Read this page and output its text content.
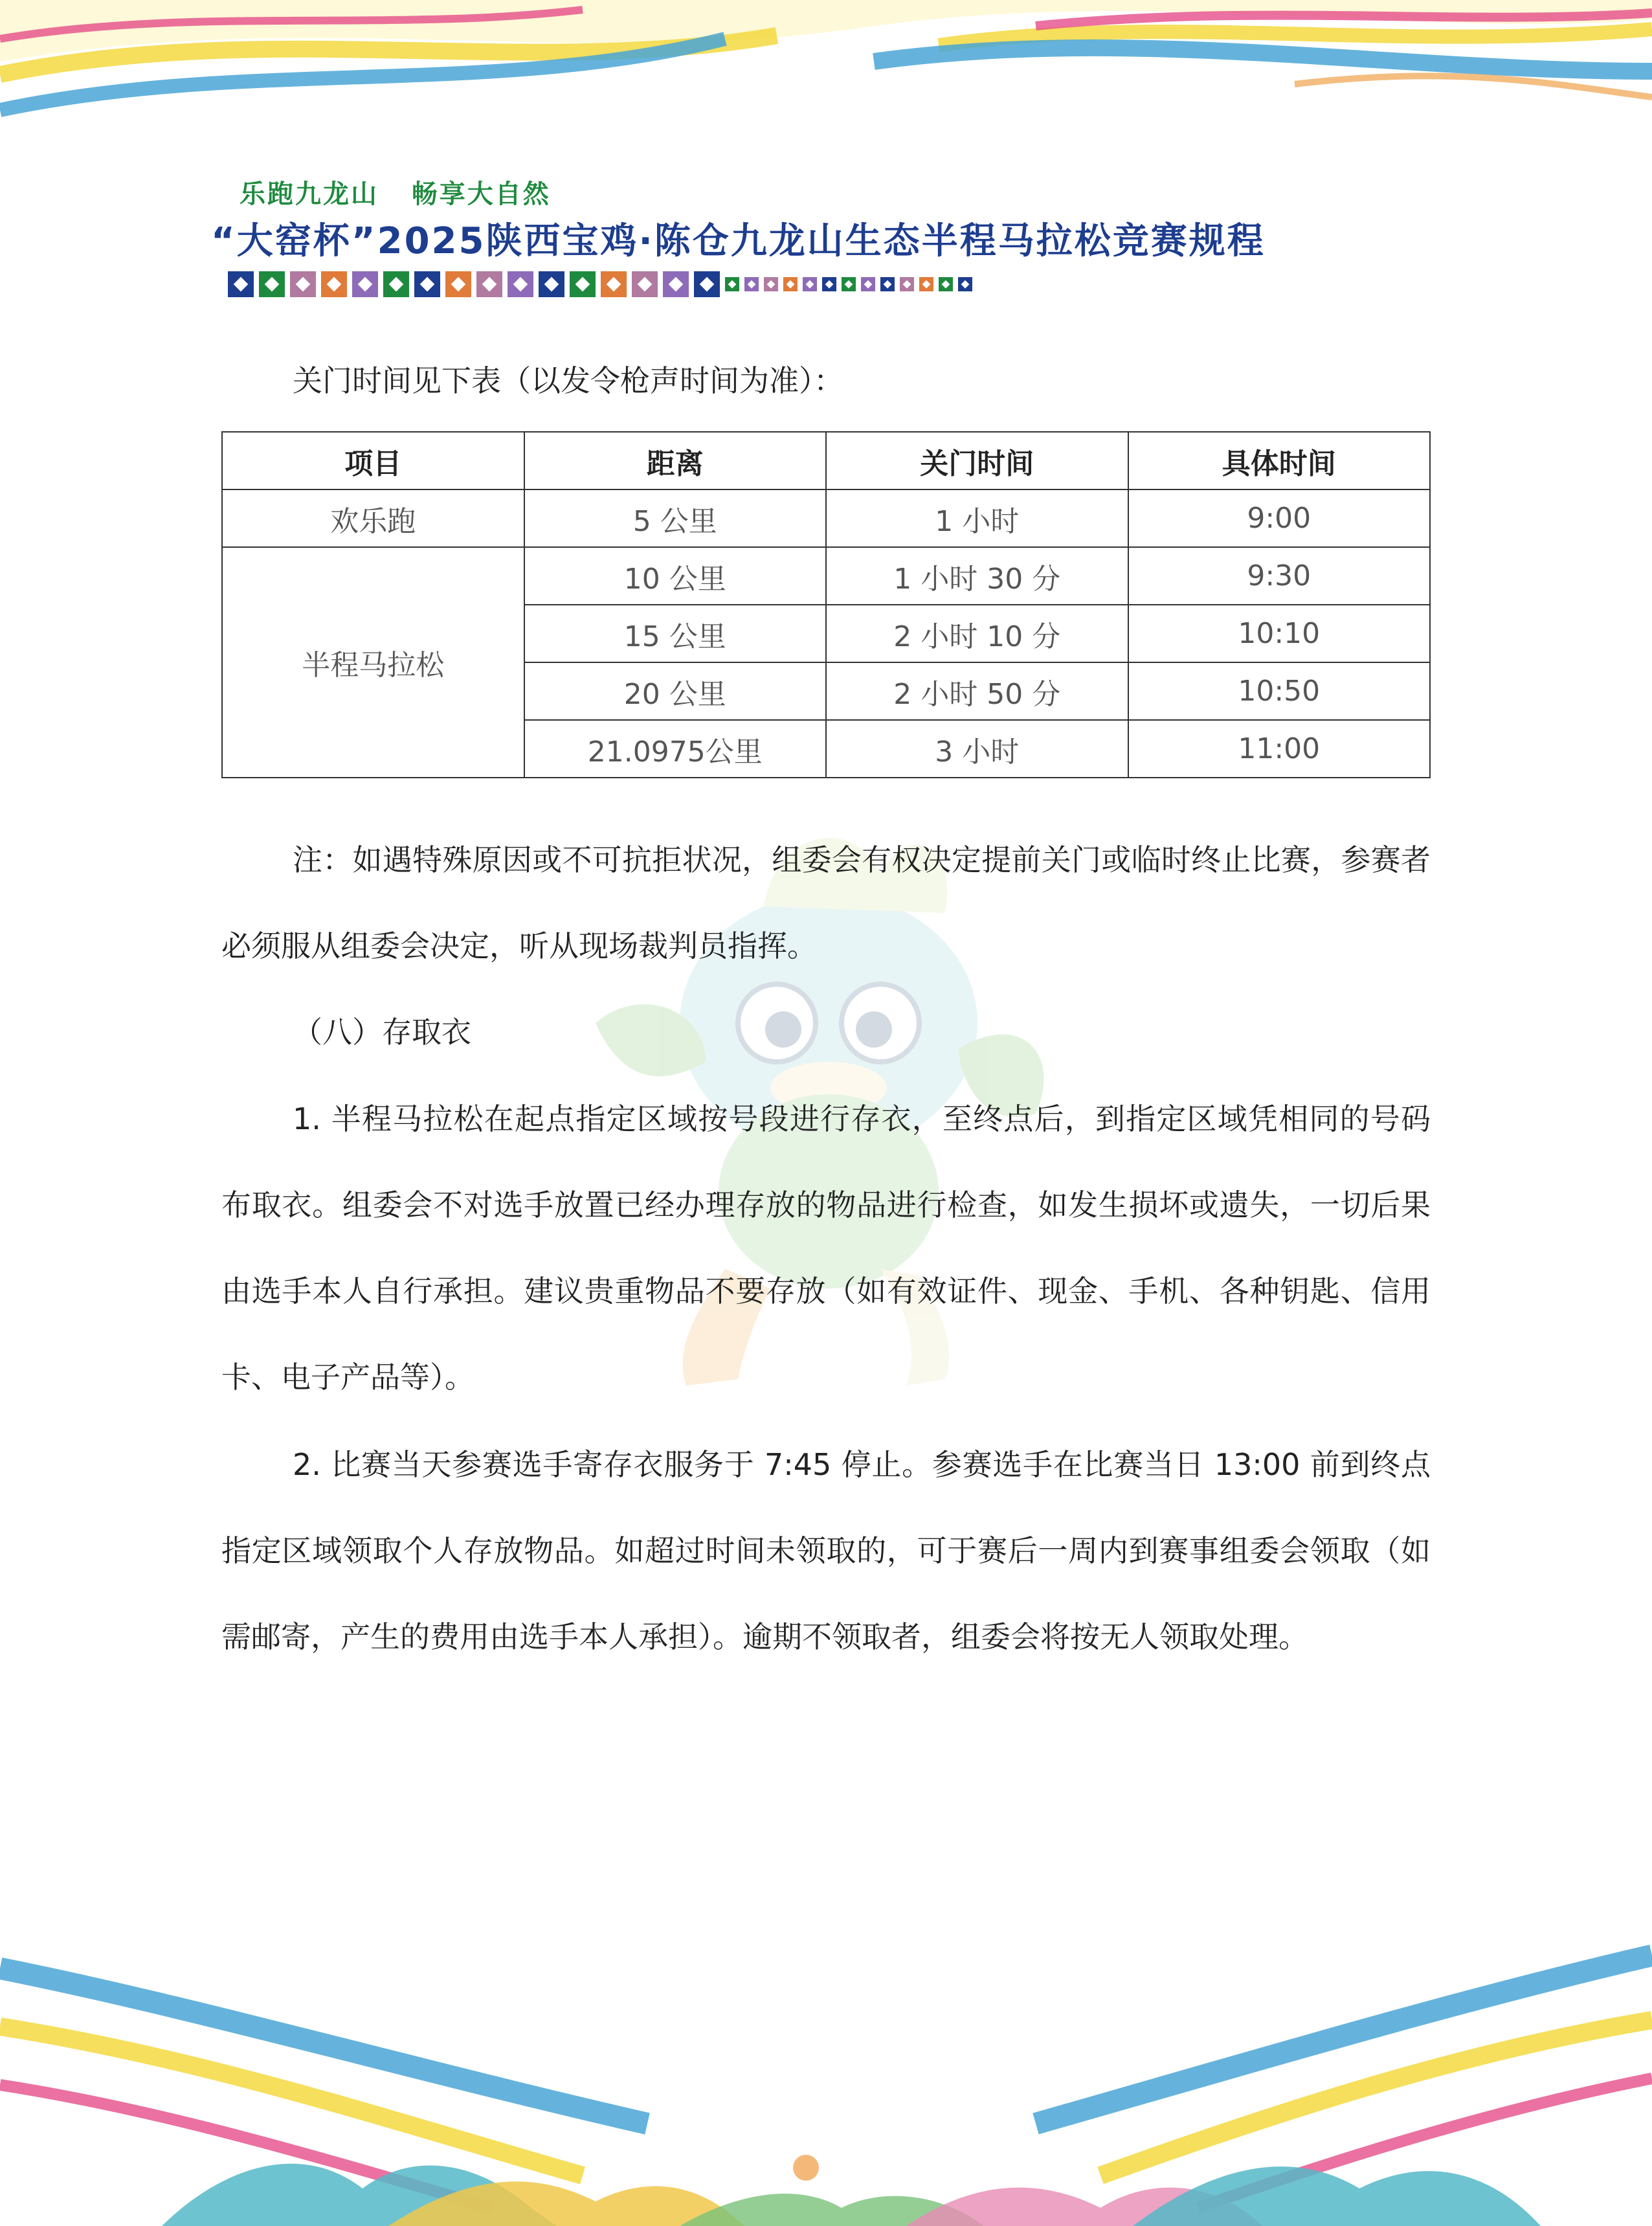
乐跑九龙山   畅享大自然
“大窑杯”2025陕西宝鸡·陈仓九龙山生态半程马拉松竞赛规程
关门时间见下表（以发令枪声时间为准）：
项目	距离	关门时间	具体时间
欢乐跑	5 公里	1 小时	9:00
半程马拉松	10 公里	1 小时 30 分	9:30
	15 公里	2 小时 10 分	10:10
	20 公里	2 小时 50 分	10:50
	21.0975公里	3 小时	11:00

注：如遇特殊原因或不可抗拒状况，组委会有权决定提前关门或临时终止比赛，参赛者必须服从组委会决定，听从现场裁判员指挥。

（八）存取衣

1. 半程马拉松在起点指定区域按号段进行存衣，至终点后，到指定区域凭相同的号码布取衣。组委会不对选手放置已经办理存放的物品进行检查，如发生损坏或遗失，一切后果由选手本人自行承担。建议贵重物品不要存放（如有效证件、现金、手机、各种钥匙、信用卡、电子产品等）。

2. 比赛当天参赛选手寄存衣服务于 7:45 停止。参赛选手在比赛当日 13:00 前到终点指定区域领取个人存放物品。如超过时间未领取的，可于赛后一周内到赛事组委会领取（如需邮寄，产生的费用由选手本人承担）。逾期不领取者，组委会将按无人领取处理。
